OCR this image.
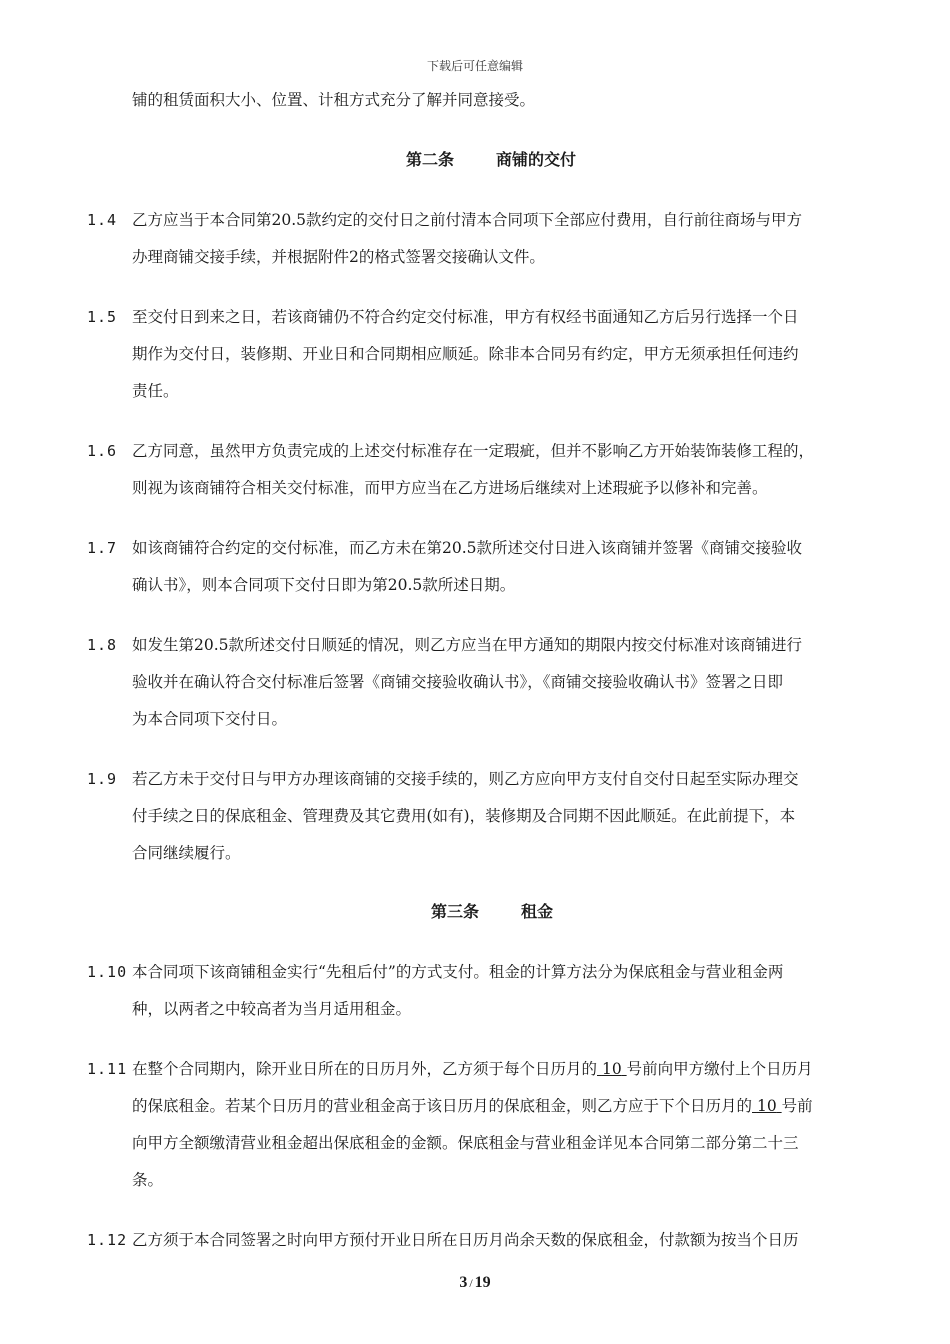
下载后可任意编辑
铺的租赁面积大小、位置、计租方式充分了解并同意接受。
第二条	商铺的交付
1.4 乙方应当于本合同第20.5款约定的交付日之前付清本合同项下全部应付费用，自行前往商场与甲方
办理商铺交接手续，并根据附件2的格式签署交接确认文件。
1.5 至交付日到来之日，若该商铺仍不符合约定交付标准，甲方有权经书面通知乙方后另行选择一个日
期作为交付日，装修期、开业日和合同期相应顺延。除非本合同另有约定，甲方无须承担任何违约
责任。
1.6 乙方同意，虽然甲方负责完成的上述交付标准存在一定瑕疵，但并不影响乙方开始装饰装修工程的，
则视为该商铺符合相关交付标准，而甲方应当在乙方进场后继续对上述瑕疵予以修补和完善。
1.7 如该商铺符合约定的交付标准，而乙方未在第20.5款所述交付日进入该商铺并签署《商铺交接验收
确认书》，则本合同项下交付日即为第20.5款所述日期。
1.8 如发生第20.5款所述交付日顺延的情况，则乙方应当在甲方通知的期限内按交付标准对该商铺进行
验收并在确认符合交付标准后签署《商铺交接验收确认书》，《商铺交接验收确认书》签署之日即
为本合同项下交付日。
1.9 若乙方未于交付日与甲方办理该商铺的交接手续的，则乙方应向甲方支付自交付日起至实际办理交
付手续之日的保底租金、管理费及其它费用(如有)，装修期及合同期不因此顺延。在此前提下，本
合同继续履行。
第三条	租金
1.10 本合同项下该商铺租金实行“先租后付”的方式支付。租金的计算方法分为保底租金与营业租金两
种，以两者之中较高者为当月适用租金。
1.11 在整个合同期内，除开业日所在的日历月外，乙方须于每个日历月的 10 号前向甲方缴付上个日历月
的保底租金。若某个日历月的营业租金高于该日历月的保底租金，则乙方应于下个日历月的 10 号前
向甲方全额缴清营业租金超出保底租金的金额。保底租金与营业租金详见本合同第二部分第二十三
条。
1.12 乙方须于本合同签署之时向甲方预付开业日所在日历月尚余天数的保底租金，付款额为按当个日历
3 / 19
